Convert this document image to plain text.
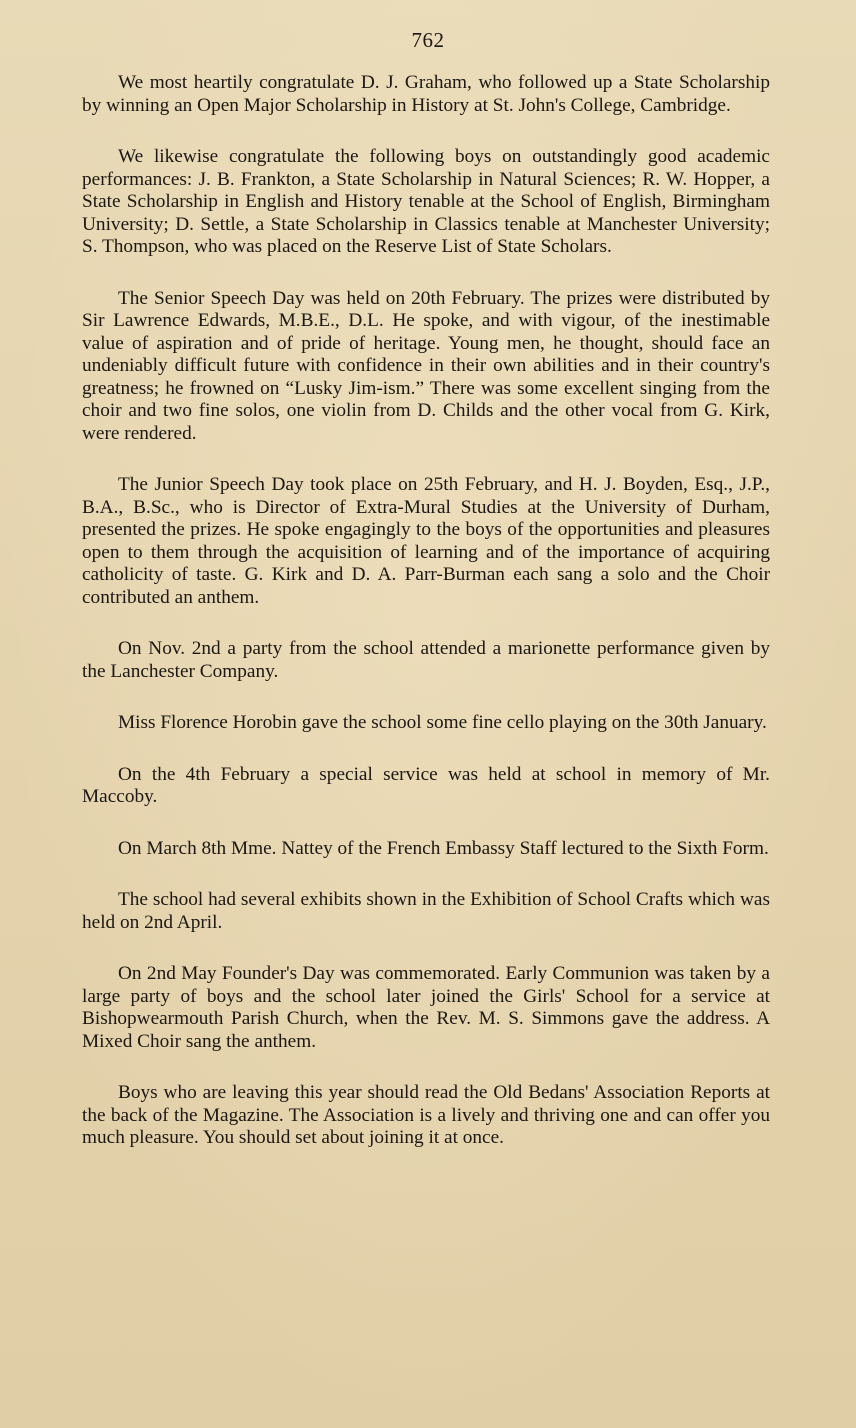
762

We most heartily congratulate D. J. Graham, who followed up a State Scholarship by winning an Open Major Scholarship in History at St. John's College, Cambridge.

We likewise congratulate the following boys on outstandingly good academic performances: J. B. Frankton, a State Scholarship in Natural Sciences; R. W. Hopper, a State Scholarship in English and History tenable at the School of English, Birmingham University; D. Settle, a State Scholarship in Classics tenable at Manchester University; S. Thompson, who was placed on the Reserve List of State Scholars.

The Senior Speech Day was held on 20th February. The prizes were distributed by Sir Lawrence Edwards, M.B.E., D.L. He spoke, and with vigour, of the inestimable value of aspiration and of pride of heritage. Young men, he thought, should face an undeniably difficult future with confidence in their own abilities and in their country's greatness; he frowned on “Lusky Jim-ism.” There was some excellent singing from the choir and two fine solos, one violin from D. Childs and the other vocal from G. Kirk, were rendered.

The Junior Speech Day took place on 25th February, and H. J. Boyden, Esq., J.P., B.A., B.Sc., who is Director of Extra-Mural Studies at the University of Durham, presented the prizes. He spoke engagingly to the boys of the opportunities and pleasures open to them through the acquisition of learning and of the importance of acquiring catholicity of taste. G. Kirk and D. A. Parr-Burman each sang a solo and the Choir contributed an anthem.

On Nov. 2nd a party from the school attended a marionette performance given by the Lanchester Company.

Miss Florence Horobin gave the school some fine cello playing on the 30th January.

On the 4th February a special service was held at school in memory of Mr. Maccoby.

On March 8th Mme. Nattey of the French Embassy Staff lectured to the Sixth Form.

The school had several exhibits shown in the Exhibition of School Crafts which was held on 2nd April.

On 2nd May Founder's Day was commemorated. Early Communion was taken by a large party of boys and the school later joined the Girls' School for a service at Bishopwearmouth Parish Church, when the Rev. M. S. Simmons gave the address. A Mixed Choir sang the anthem.

Boys who are leaving this year should read the Old Bedans' Association Reports at the back of the Magazine. The Association is a lively and thriving one and can offer you much pleasure. You should set about joining it at once.
